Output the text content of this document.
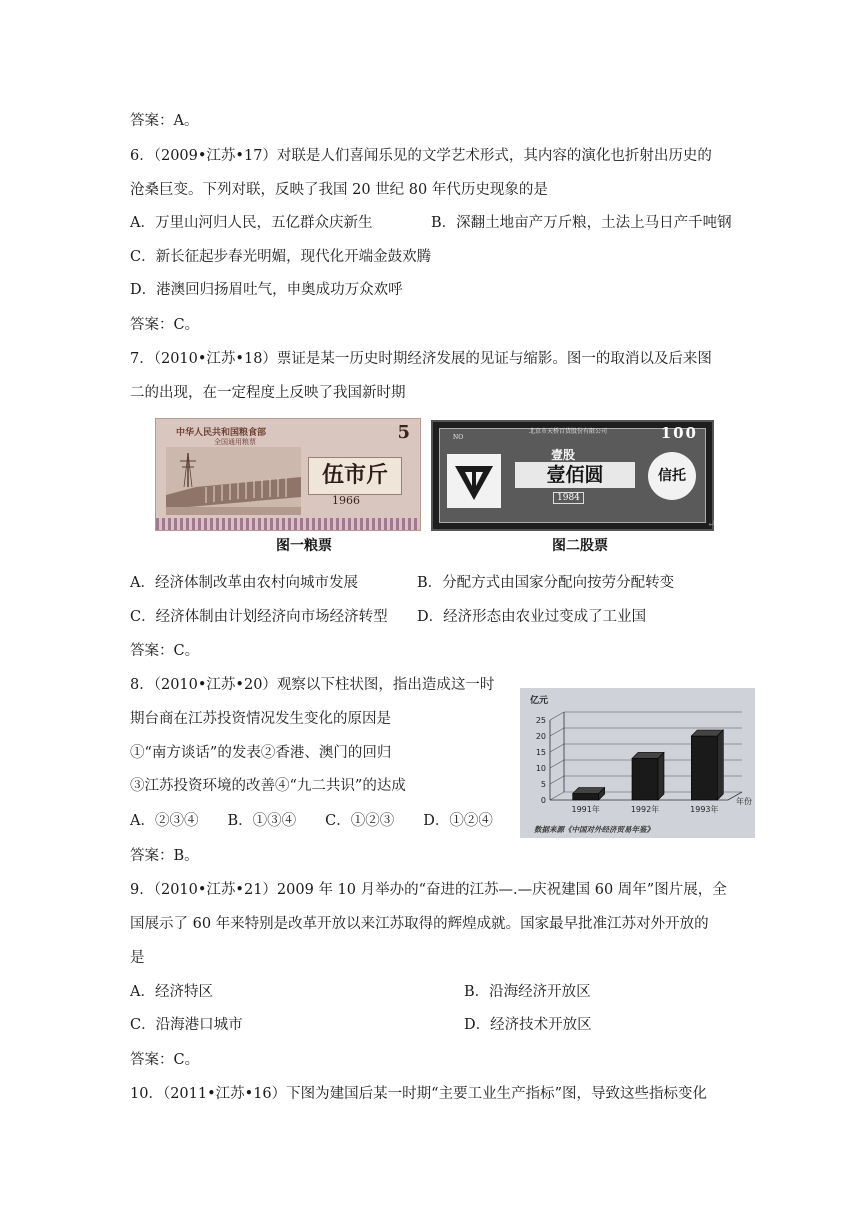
答案：A。
6．（2009•江苏•17）对联是人们喜闻乐见的文学艺术形式，其内容的演化也折射出历史的
沧桑巨变。下列对联，反映了我国 20 世纪 80 年代历史现象的是
A．万里山河归人民，五亿群众庆新生	B．深翻土地亩产万斤粮，土法上马日产千吨钢
C．新长征起步春光明媚，现代化开端金鼓欢腾
D．港澳回归扬眉吐气，申奥成功万众欢呼
答案：C。
7．（2010•江苏•18）票证是某一历史时期经济发展的见证与缩影。图一的取消以及后来图
二的出现，在一定程度上反映了我国新时期
中华人民共和国粮食部
全国通用粮票	5
伍市斤
1966
北京市天桥百货股份有限公司
NO	100
壹股
壹佰圆
1984
信托
图一粮票	图二股票
↵
A．经济体制改革由农村向城市发展	B．分配方式由国家分配向按劳分配转变
C．经济体制由计划经济向市场经济转型 D．经济形态由农业过变成了工业国
答案：C。
8．（2010•江苏•20）观察以下柱状图，指出造成这一时
期台商在江苏投资情况发生变化的原因是
①“南方谈话”的发表②香港、澳门的回归
③江苏投资环境的改善④“九二共识”的达成
A．②③④　　B．①③④　　C．①②③　　D．①②④
答案：B。
亿元
0
5
10
15
20
25
1991年	1992年	1993年
年份
数据来源《中国对外经济贸易年鉴》
9．（2010•江苏•21）2009 年 10 月举办的“奋进的江苏—.—庆祝建国 60 周年”图片展，全
国展示了 60 年来特别是改革开放以来江苏取得的辉煌成就。国家最早批准江苏对外开放的
是
A．经济特区	B．沿海经济开放区
C．沿海港口城市	D．经济技术开放区
答案：C。
10．（2011•江苏•16）下图为建国后某一时期“主要工业生产指标”图，导致这些指标变化
